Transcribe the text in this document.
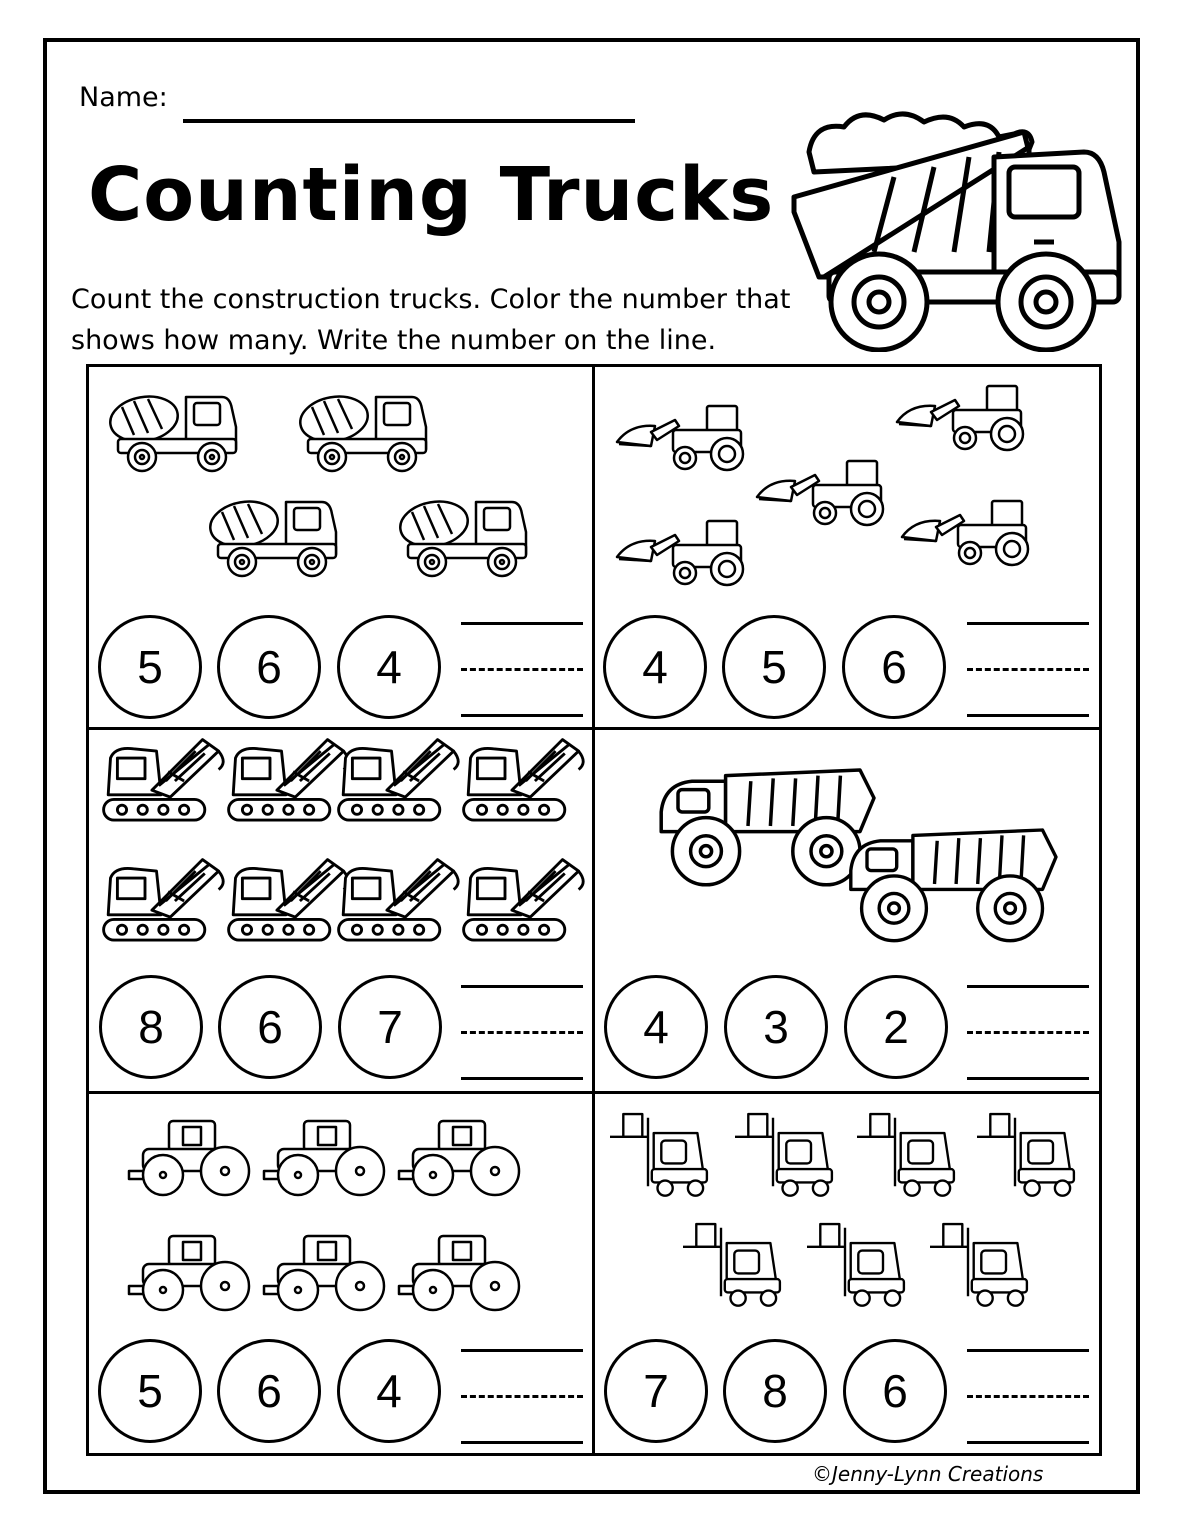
Name:
Counting Trucks
Count the construction trucks. Color the number that shows how many. Write the number on the line.
5	6	4	4	5	6
8	6	7	4	3	2
5	6	4	7	8	6
©Jenny-Lynn Creations
